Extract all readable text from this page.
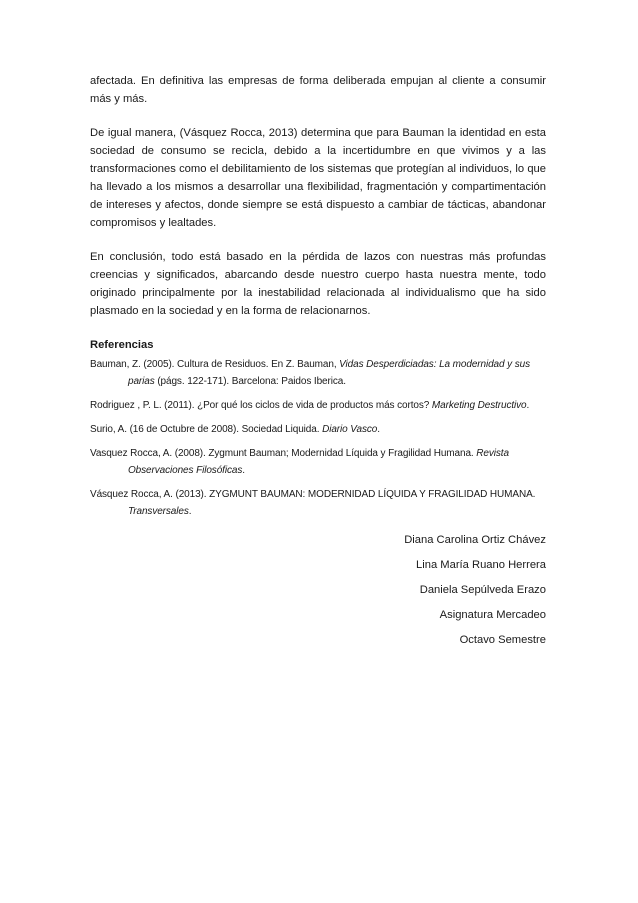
afectada. En definitiva las empresas de forma deliberada empujan al cliente a consumir más y más.

De igual manera, (Vásquez Rocca, 2013) determina que para Bauman la identidad en esta sociedad de consumo se recicla, debido a la incertidumbre en que vivimos y a las transformaciones como el debilitamiento de los sistemas que protegían al individuos, lo que ha llevado a los mismos a desarrollar una flexibilidad, fragmentación y compartimentación de intereses y afectos, donde siempre se está dispuesto a cambiar de tácticas, abandonar compromisos y lealtades.

En conclusión, todo está basado en la pérdida de lazos con nuestras más profundas creencias y significados, abarcando desde nuestro cuerpo hasta nuestra mente, todo originado principalmente por la inestabilidad relacionada al individualismo que ha sido plasmado en la sociedad y en la forma de relacionarnos.

Referencias

Bauman, Z. (2005). Cultura de Residuos. En Z. Bauman, Vidas Desperdiciadas: La modernidad y sus parias (págs. 122-171). Barcelona: Paidos Iberica.

Rodriguez , P. L. (2011). ¿Por qué los ciclos de vida de productos más cortos? Marketing Destructivo.

Surio, A. (16 de Octubre de 2008). Sociedad Liquida. Diario Vasco.

Vasquez Rocca, A. (2008). Zygmunt Bauman; Modernidad Líquida y Fragilidad Humana. Revista Observaciones Filosóficas.

Vásquez Rocca, A. (2013). ZYGMUNT BAUMAN: MODERNIDAD LÍQUIDA Y FRAGILIDAD HUMANA. Transversales.

Diana Carolina Ortiz Chávez
Lina María Ruano Herrera
Daniela Sepúlveda Erazo
Asignatura Mercadeo
Octavo Semestre
